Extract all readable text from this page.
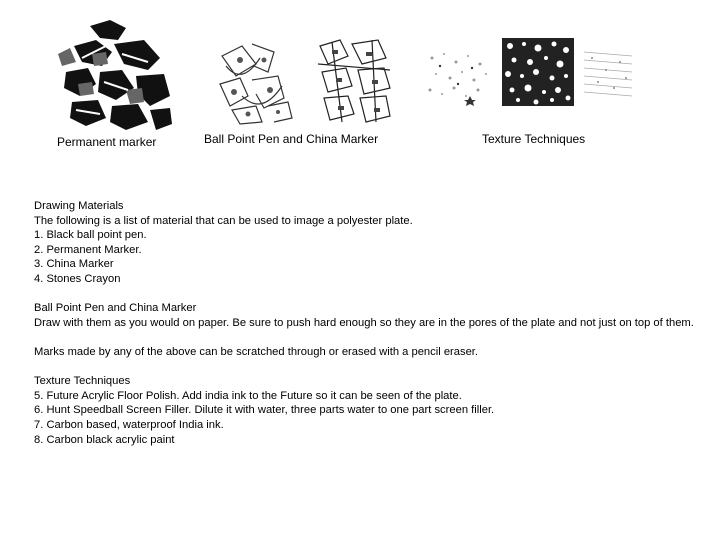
Permanent marker	Ball Point Pen and China Marker	Texture Techniques
Drawing Materials
The following is a list of material that can be used to image a polyester plate.
1. Black ball point pen.
2. Permanent Marker.
3. China Marker
4. Stones Crayon
Ball Point Pen and China Marker
Draw with them as you would on paper. Be sure to push hard enough so they are in the pores of the plate and not just on top of them.
Marks made by any of the above can be scratched through or erased with a pencil eraser.
Texture Techniques
5. Future Acrylic Floor Polish. Add india ink to the Future so it can be seen of the plate.
6. Hunt Speedball Screen Filler. Dilute it with water, three parts water to one part screen filler.
7. Carbon based, waterproof India ink.
8. Carbon black acrylic paint
